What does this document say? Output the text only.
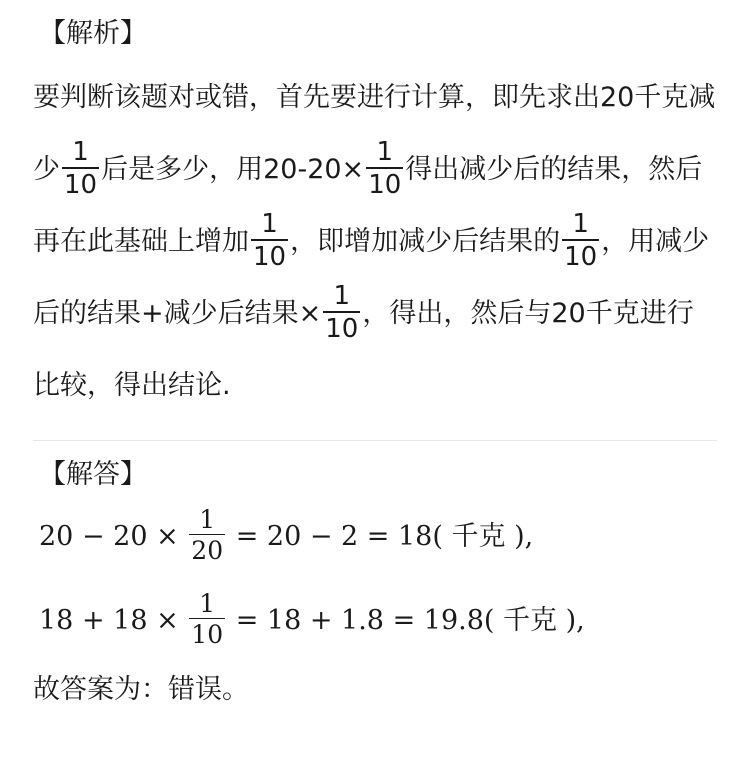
【解析】
要判断该题对或错，首先要进行计算，即先求出20千克减少 $\frac{1}{10}$ 后是多少，用$20-20\times \frac{1}{10}$ 得出减少后的结果，然后再在此基础上增加 $\frac{1}{10}$ ，即增加减少后结果的 $\frac{1}{10}$ ，用减少后的结果+减少后结果× $\frac{1}{10}$ ，得出，然后与20千克进行比较，得出结论.
【解答】
$20 - 20 \times \frac{1}{20} = 20 - 2 = 18$( 千克 ),
$18 + 18 \times \frac{1}{10} = 18 + 1.8 = 19.8$( 千克 ),
故答案为：错误。
